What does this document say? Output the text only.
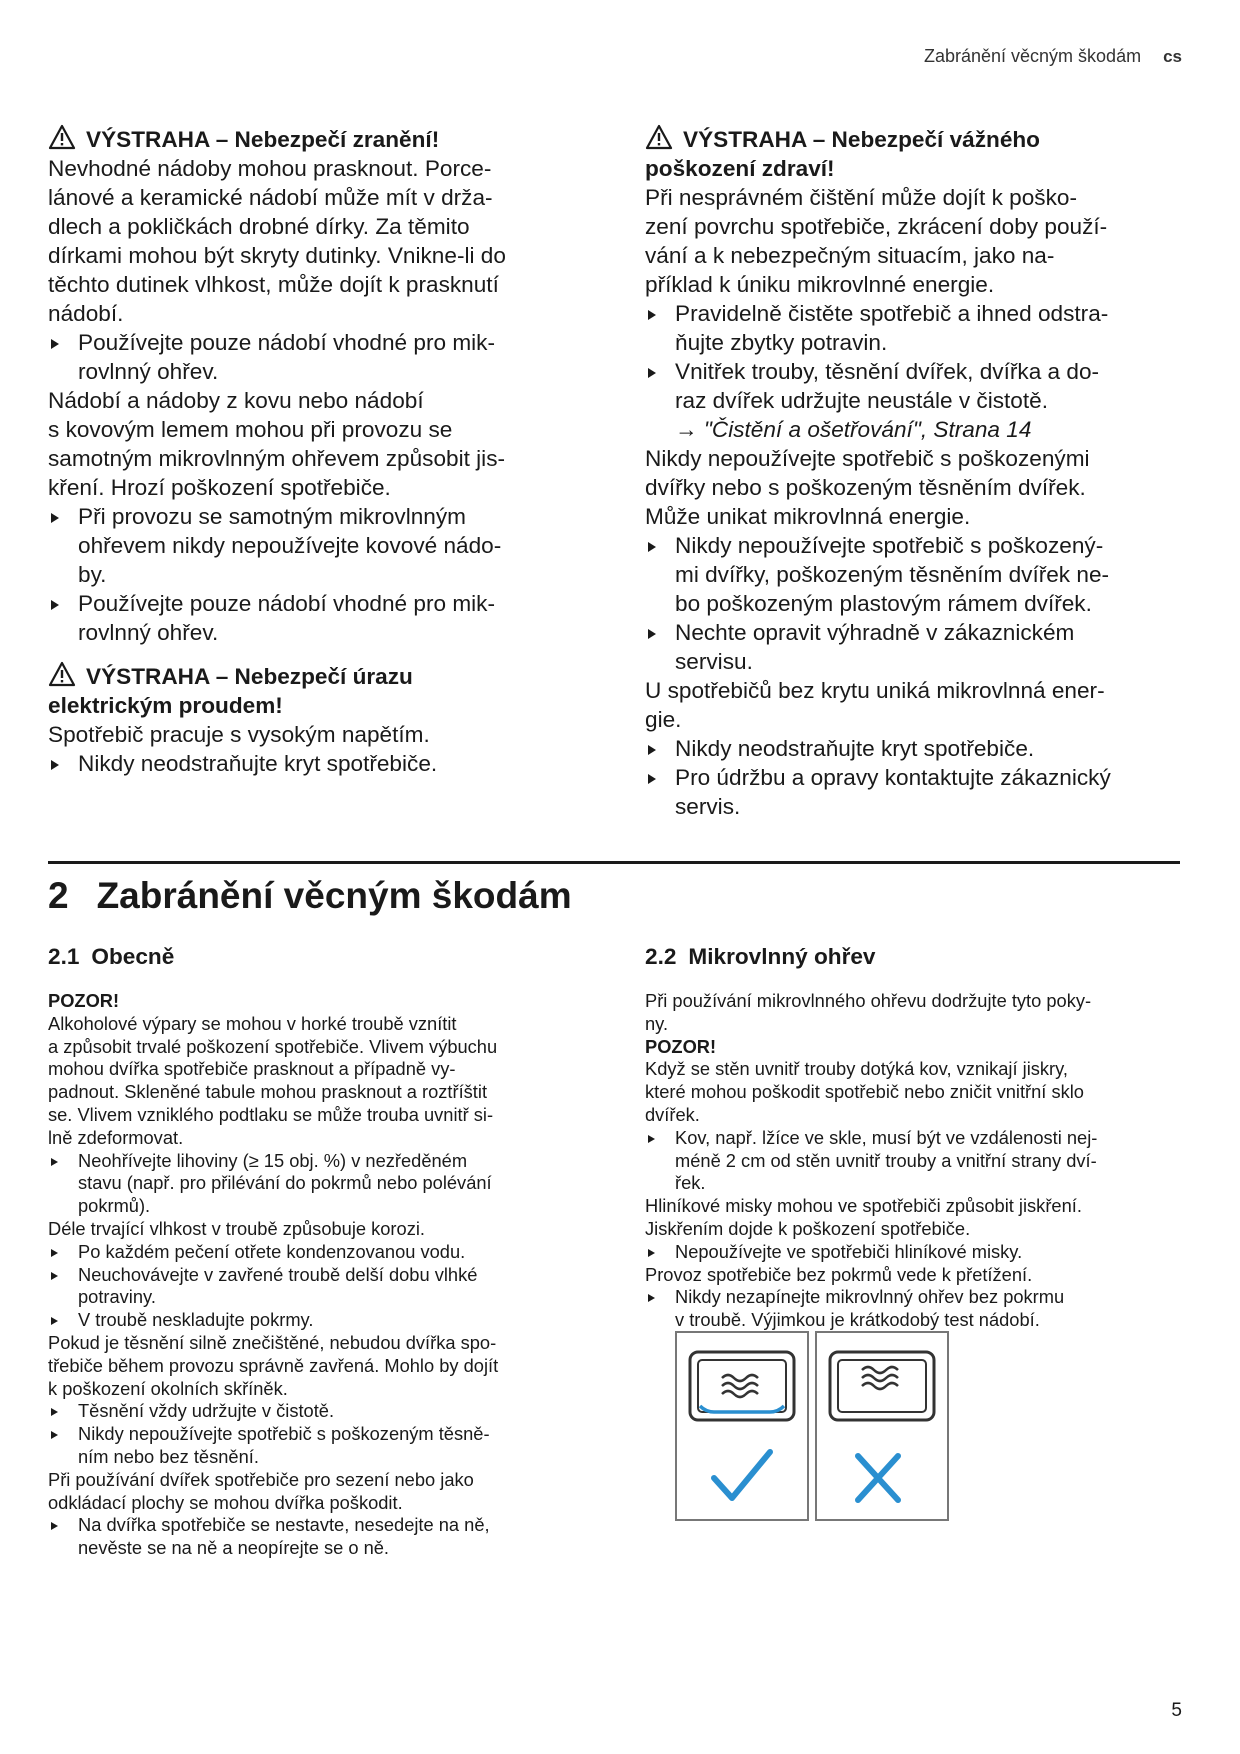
Zabránění věcným škodám cs
VÝSTRAHA – Nebezpečí zranění!
Nevhodné nádoby mohou prasknout. Porce-
lánové a keramické nádobí může mít v drža-
dlech a pokličkách drobné dírky. Za těmito
dírkami mohou být skryty dutinky. Vnikne-li do
těchto dutinek vlhkost, může dojít k prasknutí
nádobí.
Používejte pouze nádobí vhodné pro mik-
rovlnný ohřev.
Nádobí a nádoby z kovu nebo nádobí
s kovovým lemem mohou při provozu se
samotným mikrovlnným ohřevem způsobit jis-
kření. Hrozí poškození spotřebiče.
Při provozu se samotným mikrovlnným
ohřevem nikdy nepoužívejte kovové nádo-
by.
Používejte pouze nádobí vhodné pro mik-
rovlnný ohřev.
VÝSTRAHA – Nebezpečí úrazu
elektrickým proudem!
Spotřebič pracuje s vysokým napětím.
Nikdy neodstraňujte kryt spotřebiče.
VÝSTRAHA – Nebezpečí vážného
poškození zdraví!
Při nesprávném čištění může dojít k poško-
zení povrchu spotřebiče, zkrácení doby použí-
vání a k nebezpečným situacím, jako na-
příklad k úniku mikrovlnné energie.
Pravidelně čistěte spotřebič a ihned odstra-
ňujte zbytky potravin.
Vnitřek trouby, těsnění dvířek, dvířka a do-
raz dvířek udržujte neustále v čistotě.
→ "Čistění a ošetřování", Strana 14
Nikdy nepoužívejte spotřebič s poškozenými
dvířky nebo s poškozeným těsněním dvířek.
Může unikat mikrovlnná energie.
Nikdy nepoužívejte spotřebič s poškozený-
mi dvířky, poškozeným těsněním dvířek ne-
bo poškozeným plastovým rámem dvířek.
Nechte opravit výhradně v zákaznickém
servisu.
U spotřebičů bez krytu uniká mikrovlnná ener-
gie.
Nikdy neodstraňujte kryt spotřebiče.
Pro údržbu a opravy kontaktujte zákaznický
servis.
2 Zabránění věcným škodám
2.1 Obecně
POZOR!
Alkoholové výpary se mohou v horké troubě vznítit
a způsobit trvalé poškození spotřebiče. Vlivem výbuchu
mohou dvířka spotřebiče prasknout a případně vy-
padnout. Skleněné tabule mohou prasknout a roztříštit
se. Vlivem vzniklého podtlaku se může trouba uvnitř si-
lně zdeformovat.
Neohřívejte lihoviny (≥ 15 obj. %) v nezředěném
stavu (např. pro přilévání do pokrmů nebo polévání
pokrmů).
Déle trvající vlhkost v troubě způsobuje korozi.
Po každém pečení otřete kondenzovanou vodu.
Neuchovávejte v zavřené troubě delší dobu vlhké
potraviny.
V troubě neskladujte pokrmy.
Pokud je těsnění silně znečištěné, nebudou dvířka spo-
třebiče během provozu správně zavřená. Mohlo by dojít
k poškození okolních skříněk.
Těsnění vždy udržujte v čistotě.
Nikdy nepoužívejte spotřebič s poškozeným těsně-
ním nebo bez těsnění.
Při používání dvířek spotřebiče pro sezení nebo jako
odkládací plochy se mohou dvířka poškodit.
Na dvířka spotřebiče se nestavte, nesedejte na ně,
nevěste se na ně a neopírejte se o ně.
2.2 Mikrovlnný ohřev
Při používání mikrovlnného ohřevu dodržujte tyto poky-
ny.
POZOR!
Když se stěn uvnitř trouby dotýká kov, vznikají jiskry,
které mohou poškodit spotřebič nebo zničit vnitřní sklo
dvířek.
Kov, např. lžíce ve skle, musí být ve vzdálenosti nej-
méně 2 cm od stěn uvnitř trouby a vnitřní strany dví-
řek.
Hliníkové misky mohou ve spotřebiči způsobit jiskření.
Jiskřením dojde k poškození spotřebiče.
Nepoužívejte ve spotřebiči hliníkové misky.
Provoz spotřebiče bez pokrmů vede k přetížení.
Nikdy nezapínejte mikrovlnný ohřev bez pokrmu
v troubě. Výjimkou je krátkodobý test nádobí.
5
